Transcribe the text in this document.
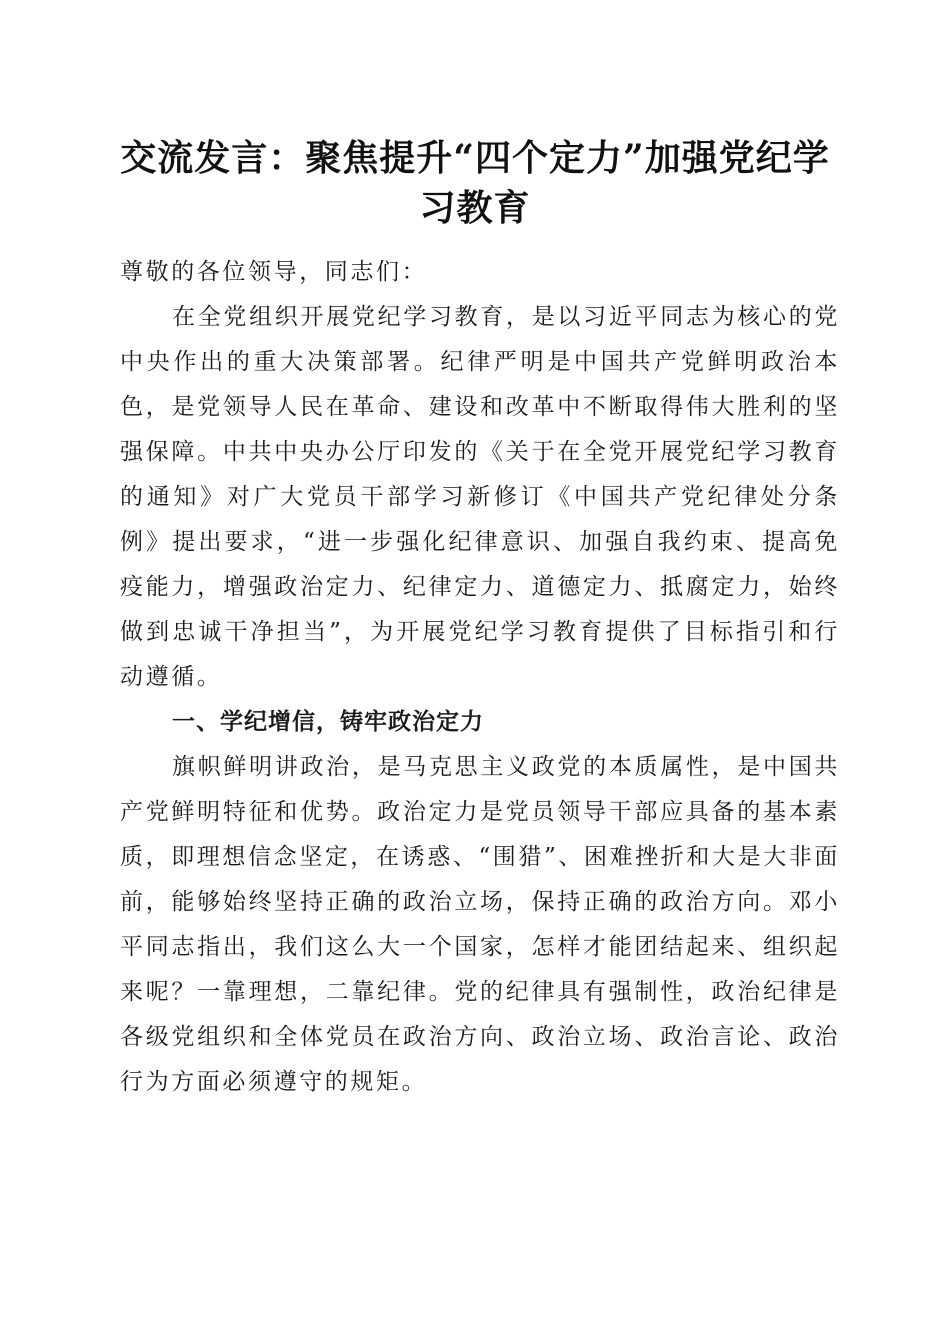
交流发言：聚焦提升“四个定力”加强党纪学
习教育

尊敬的各位领导，同志们：

在全党组织开展党纪学习教育，是以习近平同志为核心的党中央作出的重大决策部署。纪律严明是中国共产党鲜明政治本色，是党领导人民在革命、建设和改革中不断取得伟大胜利的坚强保障。中共中央办公厅印发的《关于在全党开展党纪学习教育的通知》对广大党员干部学习新修订《中国共产党纪律处分条例》提出要求，“进一步强化纪律意识、加强自我约束、提高免疫能力，增强政治定力、纪律定力、道德定力、抵腐定力，始终做到忠诚干净担当”，为开展党纪学习教育提供了目标指引和行动遵循。

一、学纪增信，铸牢政治定力

旗帜鲜明讲政治，是马克思主义政党的本质属性，是中国共产党鲜明特征和优势。政治定力是党员领导干部应具备的基本素质，即理想信念坚定，在诱惑、“围猎”、困难挫折和大是大非面前，能够始终坚持正确的政治立场，保持正确的政治方向。邓小平同志指出，我们这么大一个国家，怎样才能团结起来、组织起来呢？一靠理想，二靠纪律。党的纪律具有强制性，政治纪律是各级党组织和全体党员在政治方向、政治立场、政治言论、政治行为方面必须遵守的规矩。
